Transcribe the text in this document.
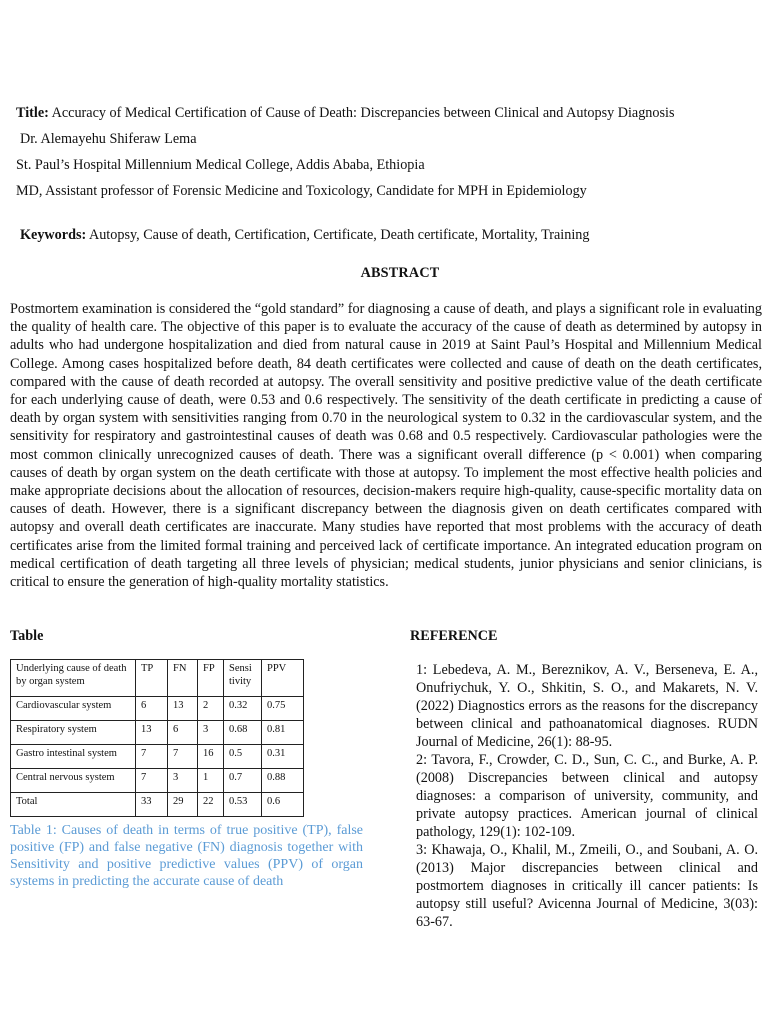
Title: Accuracy of Medical Certification of Cause of Death: Discrepancies between Clinical and Autopsy Diagnosis
Dr. Alemayehu Shiferaw Lema
St. Paul’s Hospital Millennium Medical College, Addis Ababa, Ethiopia
MD, Assistant professor of Forensic Medicine and Toxicology, Candidate for MPH in Epidemiology
Keywords: Autopsy, Cause of death, Certification, Certificate, Death certificate, Mortality, Training
ABSTRACT
Postmortem examination is considered the “gold standard” for diagnosing a cause of death, and plays a significant role in evaluating the quality of health care. The objective of this paper is to evaluate the accuracy of the cause of death as determined by autopsy in adults who had undergone hospitalization and died from natural cause in 2019 at Saint Paul’s Hospital and Millennium Medical College. Among cases hospitalized before death, 84 death certificates were collected and cause of death on the death certificates, compared with the cause of death recorded at autopsy. The overall sensitivity and positive predictive value of the death certificate for each underlying cause of death, were 0.53 and 0.6 respectively. The sensitivity of the death certificate in predicting a cause of death by organ system with sensitivities ranging from 0.70 in the neurological system to 0.32 in the cardiovascular system, and the sensitivity for respiratory and gastrointestinal causes of death was 0.68 and 0.5 respectively. Cardiovascular pathologies were the most common clinically unrecognized causes of death. There was a significant overall difference (p < 0.001) when comparing causes of death by organ system on the death certificate with those at autopsy. To implement the most effective health policies and make appropriate decisions about the allocation of resources, decision-makers require high-quality, cause-specific mortality data on causes of death. However, there is a significant discrepancy between the diagnosis given on death certificates compared with autopsy and overall death certificates are inaccurate. Many studies have reported that most problems with the accuracy of death certificates arise from the limited formal training and perceived lack of certificate importance. An integrated education program on medical certification of death targeting all three levels of physician; medical students, junior physicians and senior clinicians, is critical to ensure the generation of high-quality mortality statistics.
Table	REFERENCE
Underlying cause of death by organ system	TP	FN	FP	Sensi tivity	PPV
Cardiovascular system	6	13	2	0.32	0.75
Respiratory system	13	6	3	0.68	0.81
Gastro intestinal system	7	7	16	0.5	0.31
Central nervous system	7	3	1	0.7	0.88
Total	33	29	22	0.53	0.6
Table 1: Causes of death in terms of true positive (TP), false positive (FP) and false negative (FN) diagnosis together with Sensitivity and positive predictive values (PPV) of organ systems in predicting the accurate cause of death

1: Lebedeva, A. M., Bereznikov, A. V., Berseneva, E. A., Onufriychuk, Y. O., Shkitin, S. O., and Makarets, N. V. (2022) Diagnostics errors as the reasons for the discrepancy between clinical and pathoanatomical diagnoses. RUDN Journal of Medicine, 26(1): 88-95.

2: Tavora, F., Crowder, C. D., Sun, C. C., and Burke, A. P. (2008) Discrepancies between clinical and autopsy diagnoses: a comparison of university, community, and private autopsy practices. American journal of clinical pathology, 129(1): 102-109.

3: Khawaja, O., Khalil, M., Zmeili, O., and Soubani, A. O. (2013) Major discrepancies between clinical and postmortem diagnoses in critically ill cancer patients: Is autopsy still useful? Avicenna Journal of Medicine, 3(03): 63-67.
